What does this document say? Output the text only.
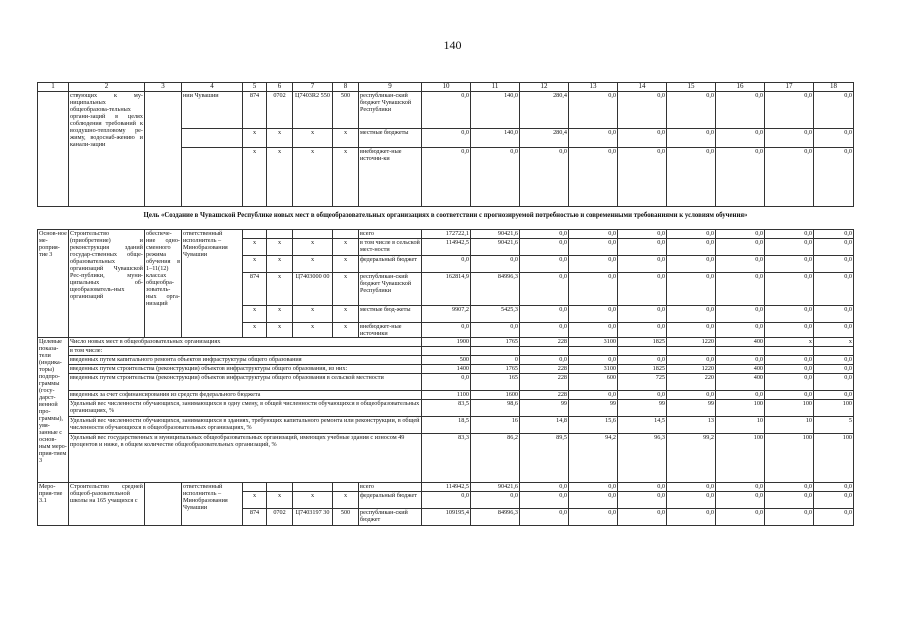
140
1	2	3	4	5	6	7	8	9	10	11	12	13	14	15	16	17	18
	ствующих к му-ниципальных общеобразова-тельных органи-заций в целях соблюдения требований к воздушно-тепловому ре-жиму, водоснаб-жению и канали-зации		нии Чувашии	874	0702	Ц7403R2 550	500	республикан-ский бюджет Чувашской Республики	0,0	140,0	280,4	0,0	0,0	0,0	0,0	0,0	0,0
				x	x	x	x	местные бюджеты	0,0	140,0	280,4	0,0	0,0	0,0	0,0	0,0	0,0
				x	x	x	x	внебюджет-ные источни-ки	0,0	0,0	0,0	0,0	0,0	0,0	0,0	0,0	0,0
Цель «Создание в Чувашской Республике новых мест в общеобразовательных организациях в соответствии с прогнозируемой потребностью и современными требованиями к условиям обучения»																	

Основ-ное ме-роприя-тие 3	Строительство (приобретение) и реконструкция зданий государ-ственных обще-образовательных организаций Чувашской Рес-публики, муни-ципальных об-щеобразователь-ных организаций	обеспече-ние одно-сменного режима обучения в 1–11(12) классах общеобра-зователь-ных орга-низаций	ответственный исполнитель – Минобразования Чувашии					всего	172722,1	90421,6	0,0	0,0	0,0	0,0	0,0	0,0	0,0
				x	x	x	x	в том числе в сельской мест-ности	114942,5	90421,6	0,0	0,0	0,0	0,0	0,0	0,0	0,0
				x	x	x	x	федеральный бюджет	0,0	0,0	0,0	0,0	0,0	0,0	0,0	0,0	0,0
				874	x	Ц7403000 00	x	республикан-ский бюджет Чувашской Республики	162814,9	84996,3	0,0	0,0	0,0	0,0	0,0	0,0	0,0
				x	x	x	x	местные бюд-жеты	9907,2	5425,3	0,0	0,0	0,0	0,0	0,0	0,0	0,0
				x	x	x	x	внебюджет-ные источники	0,0	0,0	0,0	0,0	0,0	0,0	0,0	0,0	0,0
Целевые показа-тели (индика-торы) подпро-граммы (госу-дарст-венной про-граммы), увя-занные с основ-ным меро-прия-тием 3	Число новых мест в общеобразовательных организациях								1900	1765	228	3100	1825	1220	400	x	x
	в том числе:																
	введенных путем капитального ремонта объектов инфраструктуры общего образования								500	0	0,0	0,0	0,0	0,0	0,0	0,0	0,0
	введенных путем строительства (реконструкции) объектов инфраструктуры общего образования, из них:								1400	1765	228	3100	1825	1220	400	0,0	0,0
	введенных путем строительства (реконструкции) объектов инфраструктуры общего образования в сельской местности								0,0	165	228	600	725	220	400	0,0	0,0
	введенных за счет софинансирования из средств федерального бюджета								1100	1600	228	0,0	0,0	0,0	0,0	0,0	0,0
	Удельный вес численности обучающихся, занимающихся в одну смену, в общей численности обучающихся в общеобразовательных организациях, %								83,5	98,6	99	99	99	99	100	100	100
	Удельный вес численности обучающихся, занимающихся в зданиях, требующих капитального ремонта или реконструкции, в общей численности обучающихся в общеобразовательных организациях, %								18,5	16	14,8	15,6	14,5	13	10	10	5
	Удельный вес государственных и муниципальных общеобразовательных организаций, имеющих учебные здания с износом 49 процентов и ниже, в общем количестве общеобразовательных организаций, %								83,3	86,2	89,5	94,2	96,3	99,2	100	100	100
Меро-прия-тие 3.1	Строительство средней общеоб-разовательной школы на 165 учащихся с		ответственный исполнитель – Минобразования Чувашии					всего	114942,5	90421,6	0,0	0,0	0,0	0,0	0,0	0,0	0,0
				x	x	x	x	федеральный бюджет	0,0	0,0	0,0	0,0	0,0	0,0	0,0	0,0	0,0
				874	0702	Ц7403197 30	500	республикан-ский бюджет	109195,4	84996,3	0,0	0,0	0,0	0,0	0,0	0,0	0,0
